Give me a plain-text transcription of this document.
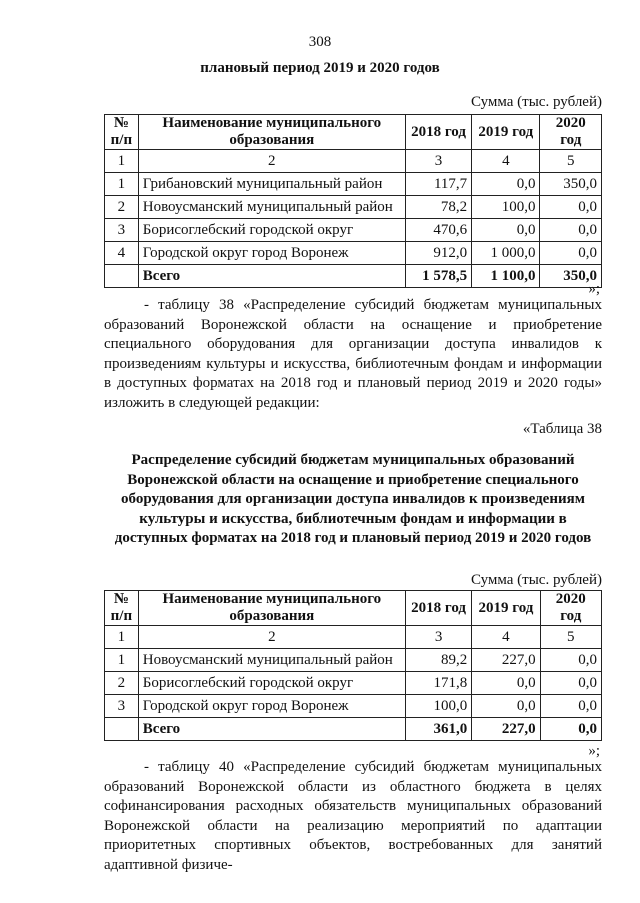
308
плановый период 2019 и 2020 годов
Сумма (тыс. рублей)
№ п/п	Наименование муниципального образования	2018 год	2019 год	2020 год
1	2	3	4	5
1	Грибановский муниципальный район	117,7	0,0	350,0
2	Новоусманский муниципальный район	78,2	100,0	0,0
3	Борисоглебский городской округ	470,6	0,0	0,0
4	Городской округ город Воронеж	912,0	1 000,0	0,0
	Всего	1 578,5	1 100,0	350,0
»;
- таблицу 38 «Распределение субсидий бюджетам муниципальных образований Воронежской области на оснащение и приобретение специального оборудования для организации доступа инвалидов к произведениям культуры и искусства, библиотечным фондам и информации в доступных форматах на 2018 год и плановый период 2019 и 2020 годы» изложить в следующей редакции:
«Таблица 38
Распределение субсидий бюджетам муниципальных образований Воронежской области на оснащение и приобретение специального оборудования для организации доступа инвалидов к произведениям культуры и искусства, библиотечным фондам и информации в доступных форматах на 2018 год и плановый период 2019 и 2020 годов
Сумма (тыс. рублей)
№ п/п	Наименование муниципального образования	2018 год	2019 год	2020 год
1	2	3	4	5
1	Новоусманский муниципальный район	89,2	227,0	0,0
2	Борисоглебский городской округ	171,8	0,0	0,0
3	Городской округ город Воронеж	100,0	0,0	0,0
	Всего	361,0	227,0	0,0
»;
- таблицу 40 «Распределение субсидий бюджетам муниципальных образований Воронежской области из областного бюджета в целях софинансирования расходных обязательств муниципальных образований Воронежской области на реализацию мероприятий по адаптации приоритетных спортивных объектов, востребованных для занятий адаптивной физиче-
